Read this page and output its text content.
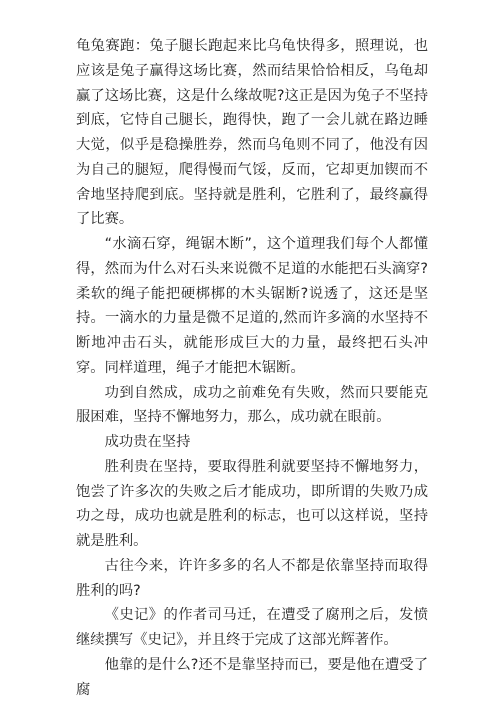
龟兔赛跑：兔子腿长跑起来比乌龟快得多，照理说，也应该是兔子赢得这场比赛，然而结果恰恰相反，乌龟却赢了这场比赛，这是什么缘故呢?这正是因为兔子不坚持到底，它恃自己腿长，跑得快，跑了一会儿就在路边睡大觉，似乎是稳操胜券，然而乌龟则不同了，他没有因为自己的腿短，爬得慢而气馁，反而，它却更加锲而不舍地坚持爬到底。坚持就是胜利，它胜利了，最终赢得了比赛。

“水滴石穿，绳锯木断”，这个道理我们每个人都懂得，然而为什么对石头来说微不足道的水能把石头滴穿?柔软的绳子能把硬梆梆的木头锯断?说透了，这还是坚持。一滴水的力量是微不足道的,然而许多滴的水坚持不断地冲击石头，就能形成巨大的力量，最终把石头冲穿。同样道理，绳子才能把木锯断。

功到自然成，成功之前难免有失败，然而只要能克服困难，坚持不懈地努力，那么，成功就在眼前。

成功贵在坚持

胜利贵在坚持，要取得胜利就要坚持不懈地努力，饱尝了许多次的失败之后才能成功，即所谓的失败乃成功之母，成功也就是胜利的标志，也可以这样说，坚持就是胜利。

古往今来，许许多多的名人不都是依靠坚持而取得胜利的吗?

《史记》的作者司马迁，在遭受了腐刑之后，发愤继续撰写《史记》，并且终于完成了这部光辉著作。

他靠的是什么?还不是靠坚持而已，要是他在遭受了腐
